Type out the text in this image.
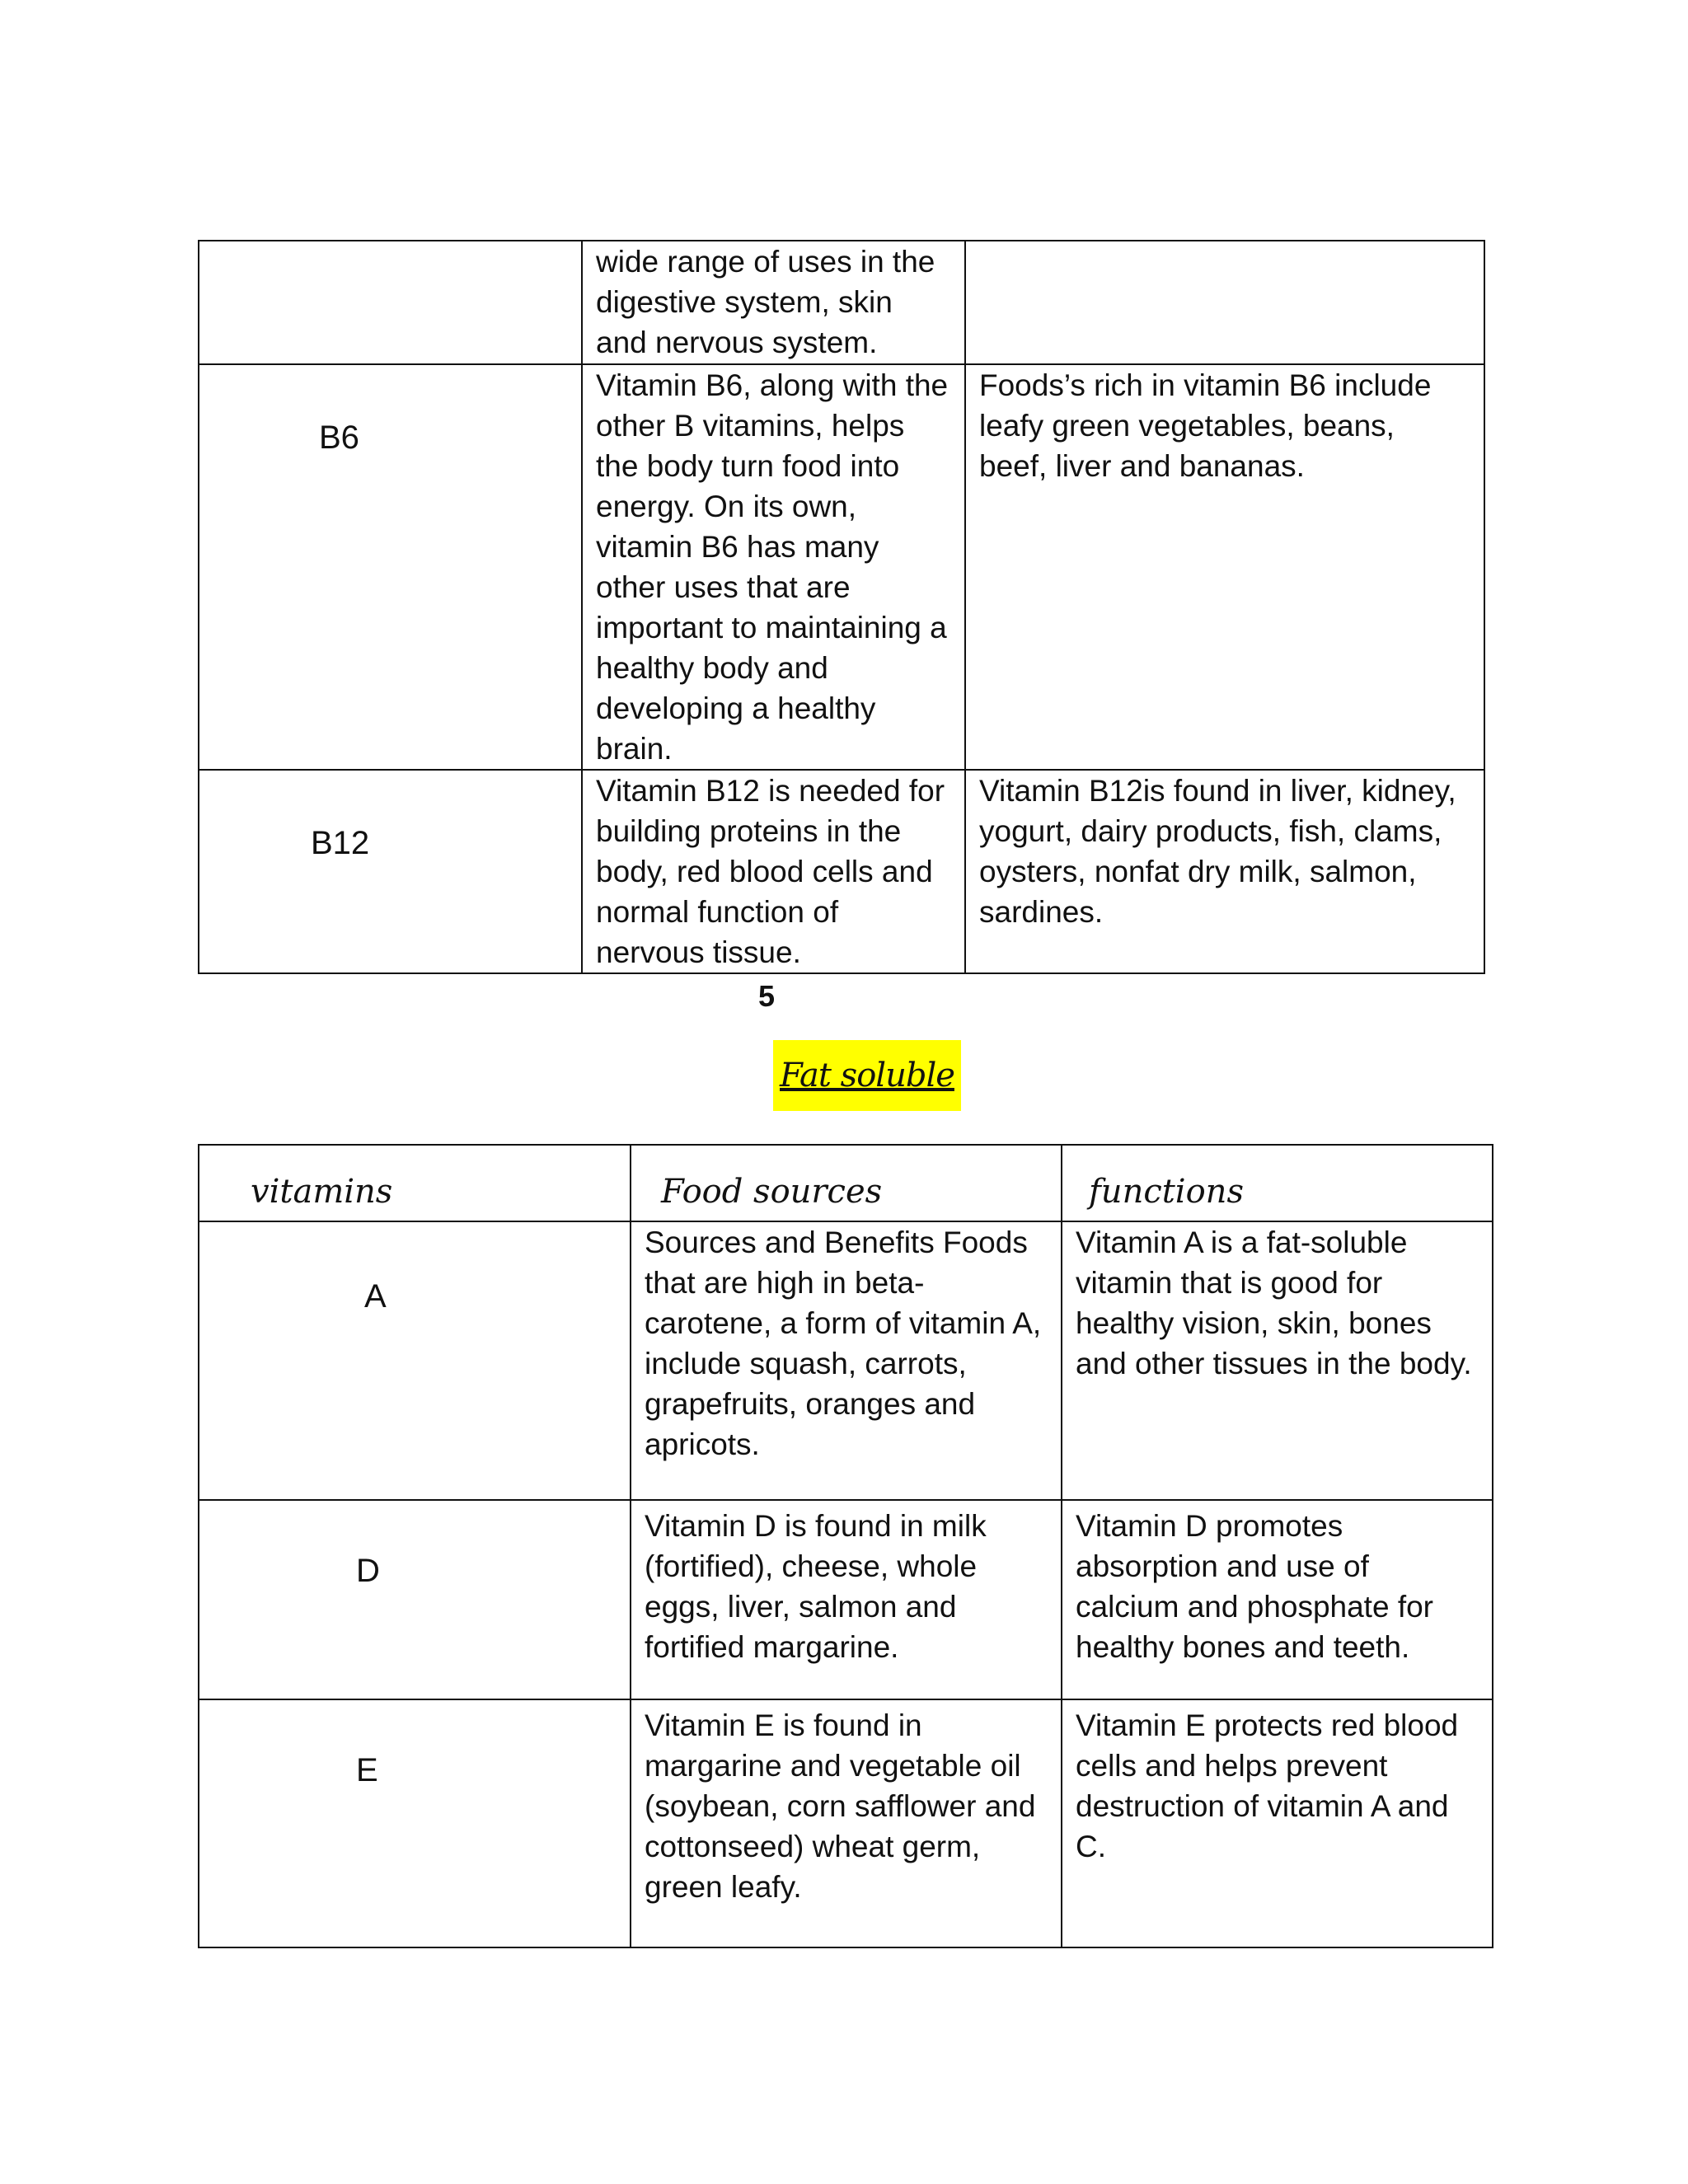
	wide range of uses in the digestive system, skin and nervous system.	

B6	Vitamin B6, along with the other B vitamins, helps the body turn food into energy. On its own, vitamin B6 has many other uses that are important to maintaining a healthy body and developing a healthy brain.	Foods’s rich in vitamin B6 include leafy green vegetables, beans, beef, liver and bananas.

B12	Vitamin B12 is needed for building proteins in the body, red blood cells and normal function of nervous tissue.	Vitamin B12is found in liver, kidney, yogurt, dairy products, fish, clams, oysters, nonfat dry milk, salmon, sardines.
5
Fat soluble
vitamins	Food sources	functions

A	Sources and Benefits Foods that are high in beta-carotene, a form of vitamin A, include squash, carrots, grapefruits, oranges and apricots.	Vitamin A is a fat-soluble vitamin that is good for healthy vision, skin, bones and other tissues in the body.

D	Vitamin D is found in milk (fortified), cheese, whole eggs, liver, salmon and fortified margarine.	Vitamin D promotes absorption and use of calcium and phosphate for healthy bones and teeth.

E	Vitamin E is found in margarine and vegetable oil (soybean, corn safflower and cottonseed) wheat germ, green leafy.	Vitamin E protects red blood cells and helps prevent destruction of vitamin A and C.
